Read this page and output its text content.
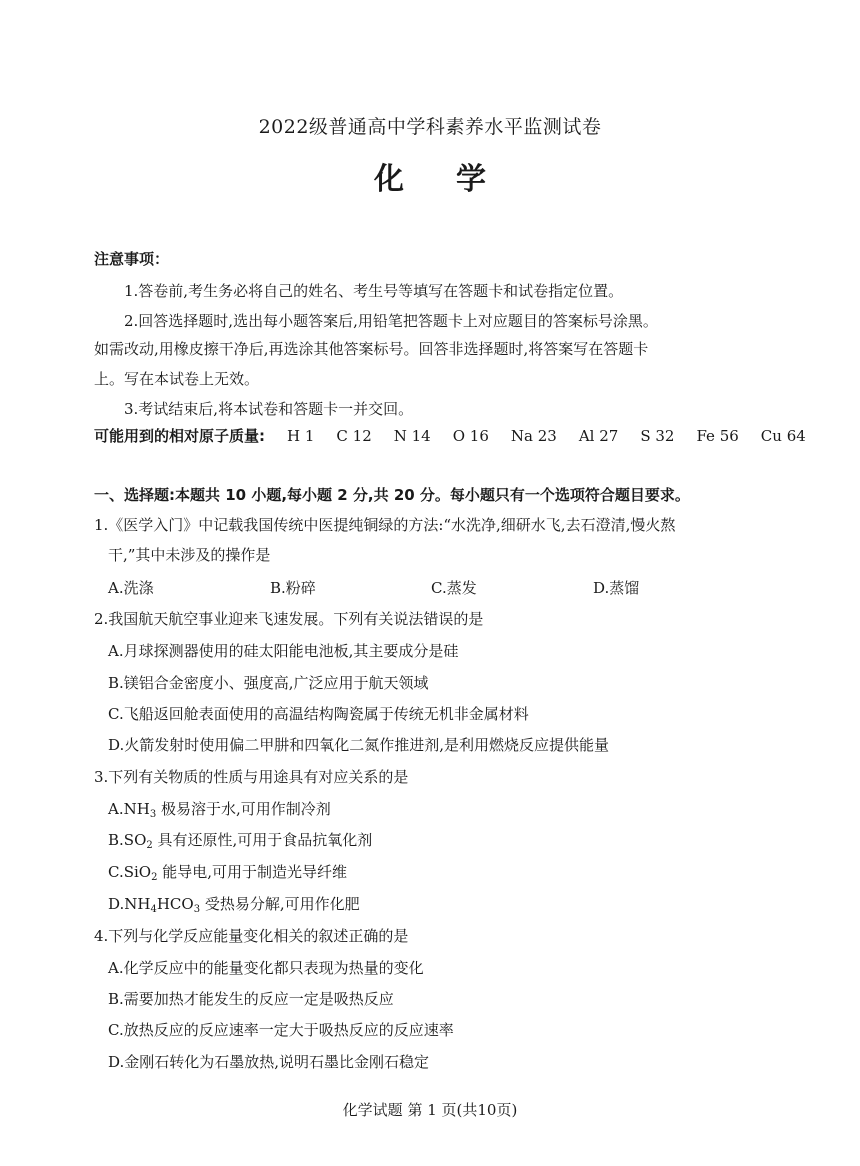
2022级普通高中学科素养水平监测试卷
化 学
注意事项：
1.答卷前,考生务必将自己的姓名、考生号等填写在答题卡和试卷指定位置。
2.回答选择题时,选出每小题答案后,用铅笔把答题卡上对应题目的答案标号涂黑。
如需改动,用橡皮擦干净后,再选涂其他答案标号。回答非选择题时,将答案写在答题卡
上。写在本试卷上无效。
3.考试结束后,将本试卷和答题卡一并交回。
可能用到的相对原子质量: H 1 C 12 N 14 O 16 Na 23 Al 27 S 32 Fe 56 Cu 64
一、选择题:本题共 10 小题,每小题 2 分,共 20 分。每小题只有一个选项符合题目要求。
1.《医学入门》中记载我国传统中医提纯铜绿的方法:“水洗净,细研水飞,去石澄清,慢火熬
干,”其中未涉及的操作是
A.洗涤	B.粉碎	C.蒸发	D.蒸馏
2.我国航天航空事业迎来飞速发展。下列有关说法错误的是
A.月球探测器使用的硅太阳能电池板,其主要成分是硅
B.镁铝合金密度小、强度高,广泛应用于航天领域
C.飞船返回舱表面使用的高温结构陶瓷属于传统无机非金属材料
D.火箭发射时使用偏二甲肼和四氧化二氮作推进剂,是利用燃烧反应提供能量
3.下列有关物质的性质与用途具有对应关系的是
$A.NH_3$ 极易溶于水,可用作制冷剂
$B.SO_2$ 具有还原性,可用于食品抗氧化剂
C.SiO$_2$ 能导电,可用于制造光导纤维
$D.NH_4HCO_3$ 受热易分解,可用作化肥
4.下列与化学反应能量变化相关的叙述正确的是
A.化学反应中的能量变化都只表现为热量的变化
B.需要加热才能发生的反应一定是吸热反应
C.放热反应的反应速率一定大于吸热反应的反应速率
D.金刚石转化为石墨放热,说明石墨比金刚石稳定
化学试题 第 1 页(共10页)
